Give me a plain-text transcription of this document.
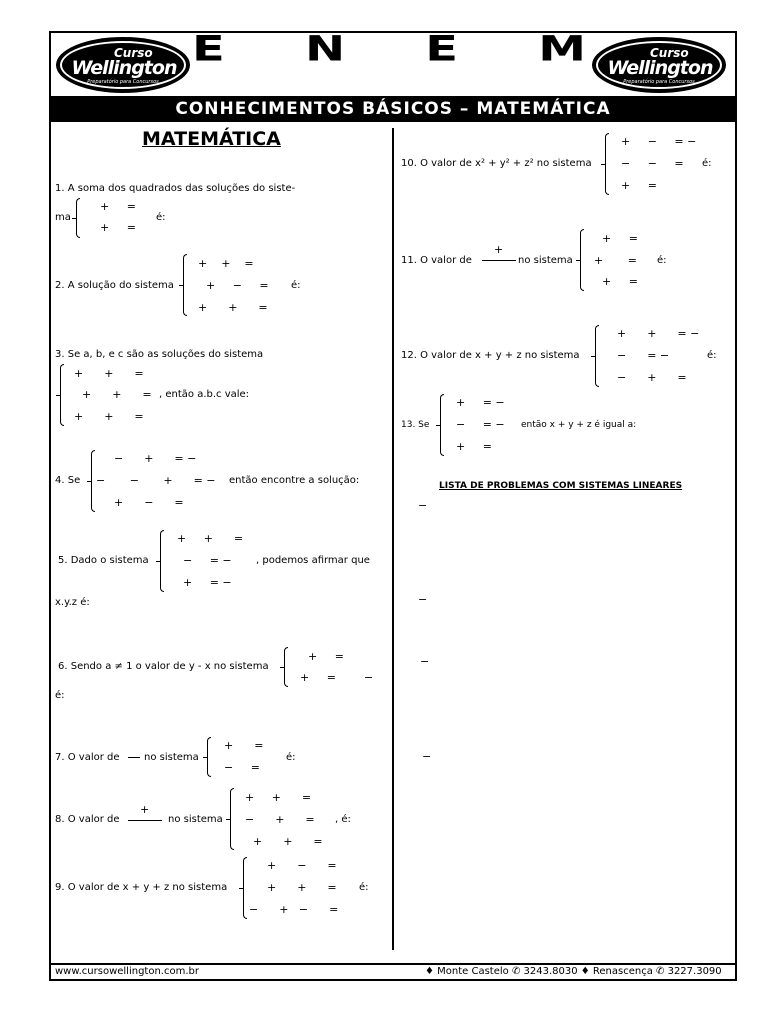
Curso
Wellington
Preparatório para Concursos
Curso
Wellington
Preparatório para Concursos
E N E M
CONHECIMENTOS BÁSICOS – MATEMÁTICA
MATEMÁTICA
1. A soma dos quadrados das soluções do siste-
ma
+     =
+     =
é:
2. A solução do sistema
+    +    =
+     −     =
+      +      =
é:
3. Se a, b, e c são as soluções do sistema
+      +      =
+      +      =
+      +      =
, então a.b.c vale:
4. Se
−      +      = −
−       −       +      = −
+      −      =
então encontre a solução:
5. Dado o sistema
+     +      =
−     = −
+     = −
, podemos afirmar que
x.y.z é:
6. Sendo a ≠ 1 o valor de y - x no sistema
+     =
+     =        −
é:
7. O valor de no sistema
+      =
−     =
é:
8. O valor de
+
no sistema
+     +      =
−      +      =
+      +      =
, é:
9. O valor de x + y + z no sistema
+      −      =
+      +      =
−      +   −      =
é:
10. O valor de x² + y² + z² no sistema
+     −     = −
−     −     =
+     =
é:
11. O valor de
+
no sistema
+     =
+       =
+     =
é:
12. O valor de x + y + z no sistema
+      +      = −
−      = −
−      +      =
é:
13. Se
+     = −
−     = −
+     =
então x + y + z é igual a:
LISTA DE PROBLEMAS COM SISTEMAS LINEARES
−
−
−
−
www.cursowellington.com.br	♦ Monte Castelo ✆ 3243.8030 ♦ Renascença ✆ 3227.3090
